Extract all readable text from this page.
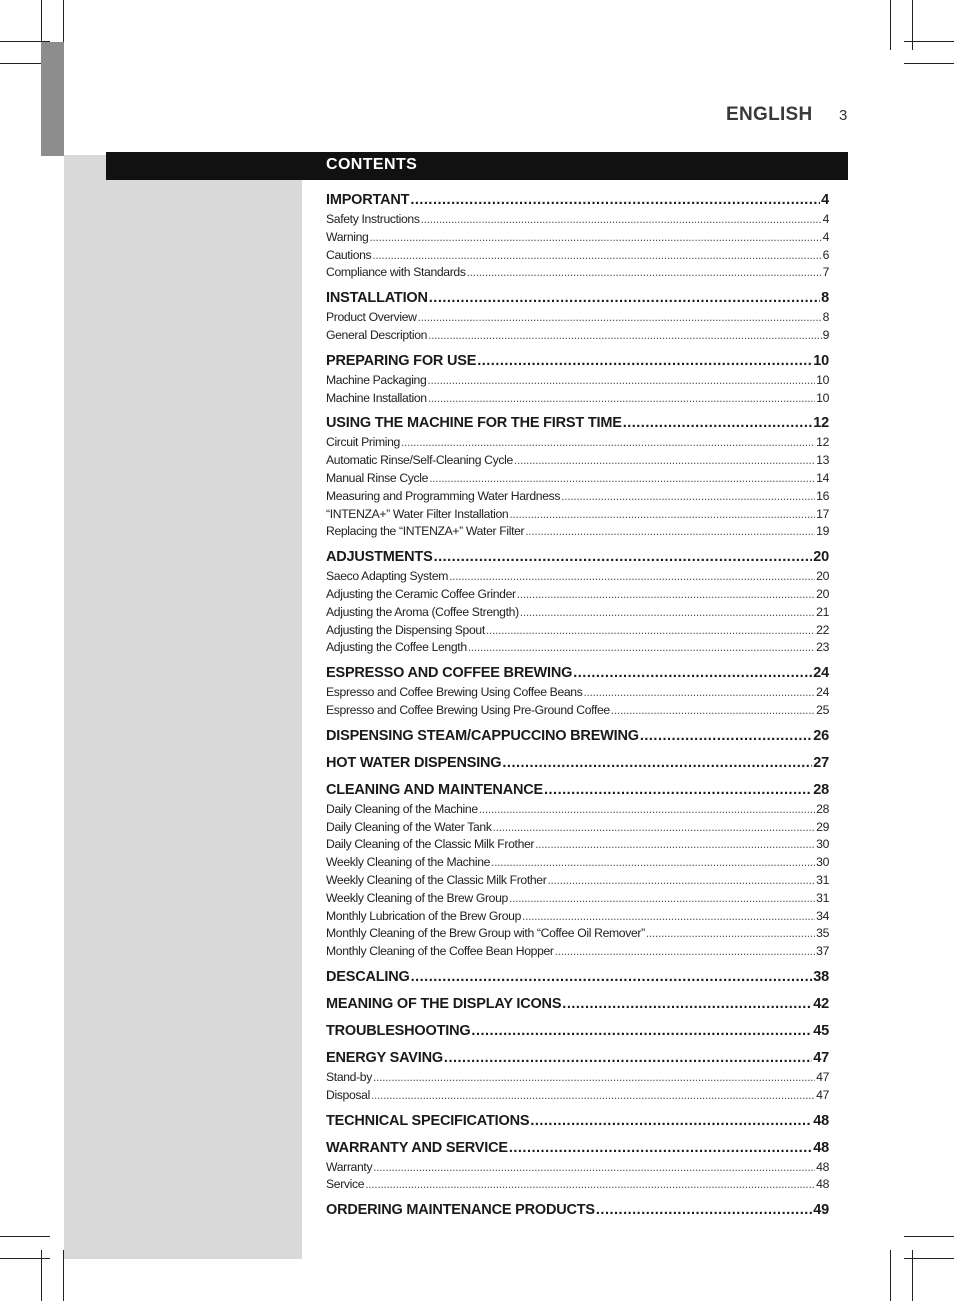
ENGLISH 3
CONTENTS
IMPORTANT .....	4
Safety Instructions .....	4
Warning .....	4
Cautions .....	6
Compliance with Standards .....	7
INSTALLATION .....	8
Product Overview .....	8
General Description .....	9
PREPARING FOR USE .....	10
Machine Packaging .....	10
Machine Installation .....	10
USING THE MACHINE FOR THE FIRST TIME .....	12
Circuit Priming .....	12
Automatic Rinse/Self-Cleaning Cycle .....	13
Manual Rinse Cycle .....	14
Measuring and Programming Water Hardness .....	16
“INTENZA+” Water Filter Installation .....	17
Replacing the “INTENZA+” Water Filter .....	19
ADJUSTMENTS .....	20
Saeco Adapting System .....	20
Adjusting the Ceramic Coffee Grinder .....	20
Adjusting the Aroma (Coffee Strength) .....	21
Adjusting the Dispensing Spout .....	22
Adjusting the Coffee Length .....	23
ESPRESSO AND COFFEE BREWING .....	24
Espresso and Coffee Brewing Using Coffee Beans .....	24
Espresso and Coffee Brewing Using Pre-Ground Coffee .....	25
DISPENSING STEAM/CAPPUCCINO BREWING .....	26
HOT WATER DISPENSING .....	27
CLEANING AND MAINTENANCE .....	28
Daily Cleaning of the Machine .....	28
Daily Cleaning of the Water Tank .....	29
Daily Cleaning of the Classic Milk Frother .....	30
Weekly Cleaning of the Machine .....	30
Weekly Cleaning of the Classic Milk Frother .....	31
Weekly Cleaning of the Brew Group .....	31
Monthly Lubrication of the Brew Group .....	34
Monthly Cleaning of the Brew Group with “Coffee Oil Remover” .....	35
Monthly Cleaning of the Coffee Bean Hopper .....	37
DESCALING .....	38
MEANING OF THE DISPLAY ICONS .....	42
TROUBLESHOOTING .....	45
ENERGY SAVING .....	47
Stand-by .....	47
Disposal .....	47
TECHNICAL SPECIFICATIONS .....	48
WARRANTY AND SERVICE .....	48
Warranty .....	48
Service .....	48
ORDERING MAINTENANCE PRODUCTS .....	49
